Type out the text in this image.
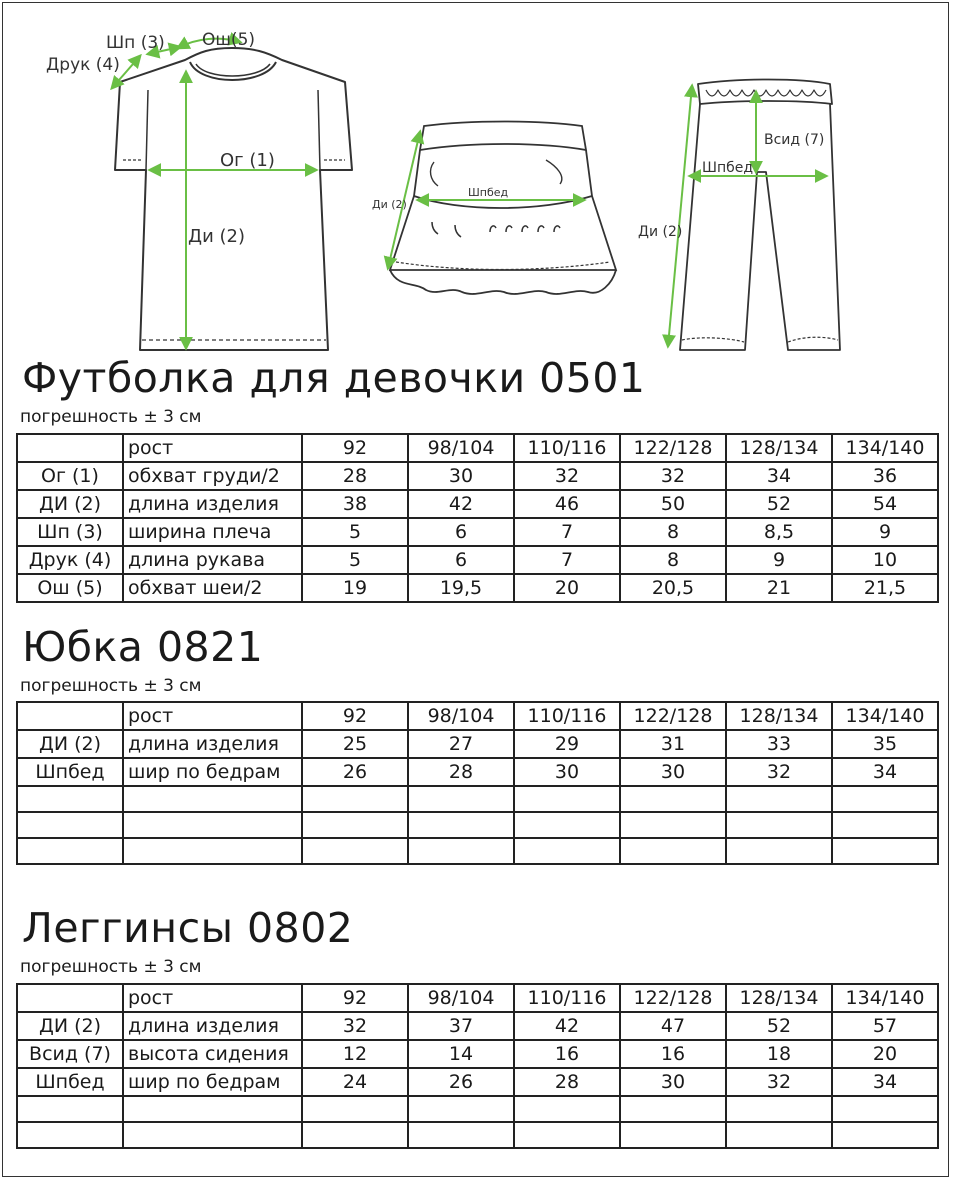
Шп (3) Ош(5)
Друк (4)
Ог (1)
Ди (2)
Шпбед
Ди (2)
Всид (7)
Шпбед
Ди (2)
Футболка для девочки 0501
погрешность ± 3 см
	рост	92	98/104	110/116	122/128	128/134	134/140
Ог (1)	обхват груди/2	28	30	32	32	34	36
ДИ (2)	длина изделия	38	42	46	50	52	54
Шп (3)	ширина плеча	5	6	7	8	8,5	9
Друк (4)	длина рукава	5	6	7	8	9	10
Ош (5)	обхват шеи/2	19	19,5	20	20,5	21	21,5
Юбка 0821
погрешность ± 3 см
	рост	92	98/104	110/116	122/128	128/134	134/140
ДИ (2)	длина изделия	25	27	29	31	33	35
Шпбед	шир по бедрам	26	28	30	30	32	34

Леггинсы 0802
погрешность ± 3 см
	рост	92	98/104	110/116	122/128	128/134	134/140
ДИ (2)	длина изделия	32	37	42	47	52	57
Всид (7)	высота сидения	12	14	16	16	18	20
Шпбед	шир по бедрам	24	26	28	30	32	34
